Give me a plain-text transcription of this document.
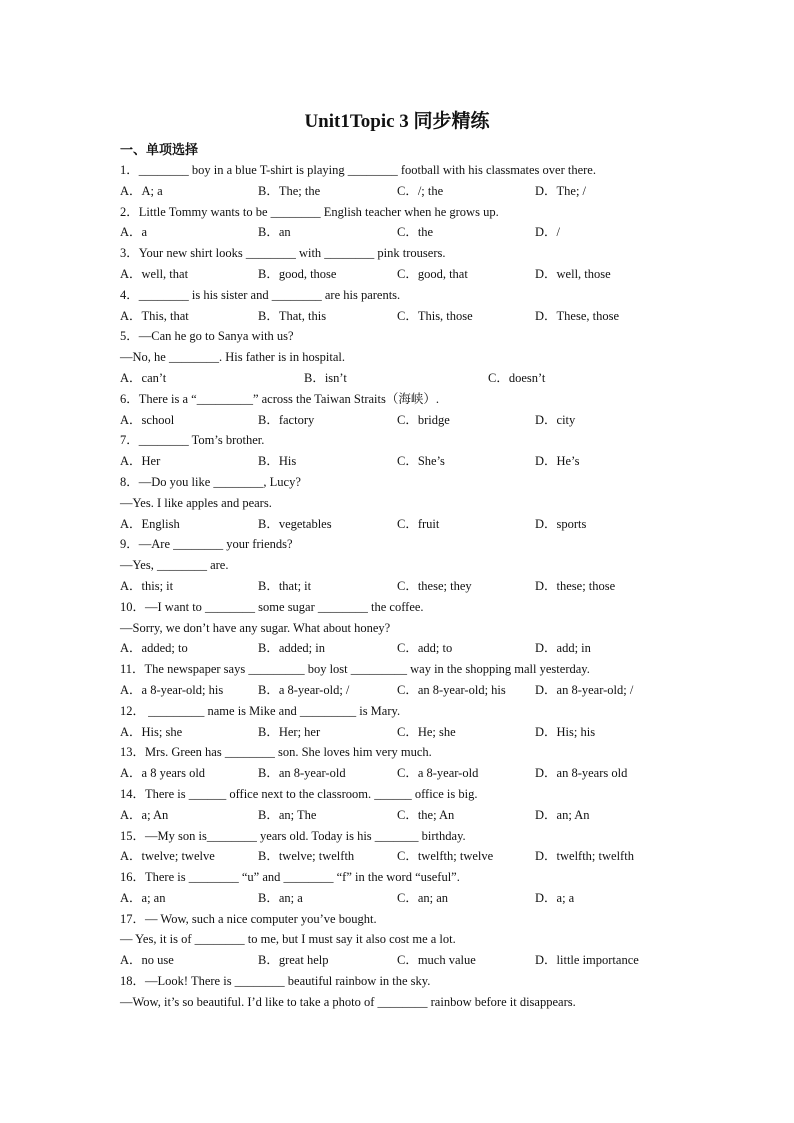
Unit1Topic 3 同步精练
一、单项选择
1．________ boy in a blue T-shirt is playing ________ football with his classmates over there.
A．A; a	B．The; the	C．/; the	D．The; /
2．Little Tommy wants to be ________ English teacher when he grows up.
A．a	B．an	C．the	D．/
3．Your new shirt looks ________ with ________ pink trousers.
A．well, that	B．good, those	C．good, that	D．well, those
4．________ is his sister and ________ are his parents.
A．This, that	B．That, this	C．This, those	D．These, those
5．—Can he go to Sanya with us?
—No, he ________. His father is in hospital.
A．can’t	B．isn’t	C．doesn’t
6．There is a “_________” across the Taiwan Straits（海峡）.
A．school	B．factory	C．bridge	D．city
7．________ Tom’s brother.
A．Her	B．His	C．She’s	D．He’s
8．—Do you like ________, Lucy?
—Yes. I like apples and pears.
A．English	B．vegetables	C．fruit	D．sports
9．—Are ________ your friends?
—Yes, ________ are.
A．this; it	B．that; it	C．these; they	D．these; those
10．—I want to ________ some sugar ________ the coffee.
—Sorry, we don’t have any sugar. What about honey?
A．added; to	B．added; in	C．add; to	D．add; in
11．The newspaper says _________ boy lost _________ way in the shopping mall yesterday.
A．a 8-year-old; his	B．a 8-year-old; /	C．an 8-year-old; his D．an 8-year-old; /
12． _________ name is Mike and _________ is Mary.
A．His; she	B．Her; her	C．He; she	D．His; his
13．Mrs. Green has ________ son. She loves him very much.
A．a 8 years old	B．an 8-year-old	C．a 8-year-old	D．an 8-years old
14．There is ______ office next to the classroom. ______ office is big.
A．a; An	B．an; The	C．the; An	D．an; An
15．—My son is________ years old. Today is his _______ birthday.
A．twelve; twelve	B．twelve; twelfth	C．twelfth; twelve	D．twelfth; twelfth
16．There is ________ “u” and ________ “f” in the word “useful”.
A．a; an	B．an; a	C．an; an	D．a; a
17．— Wow, such a nice computer you’ve bought.
— Yes, it is of ________ to me, but I must say it also cost me a lot.
A．no use	B．great help	C．much value	D．little importance
18．—Look! There is ________ beautiful rainbow in the sky.
—Wow, it’s so beautiful. I’d like to take a photo of ________ rainbow before it disappears.
